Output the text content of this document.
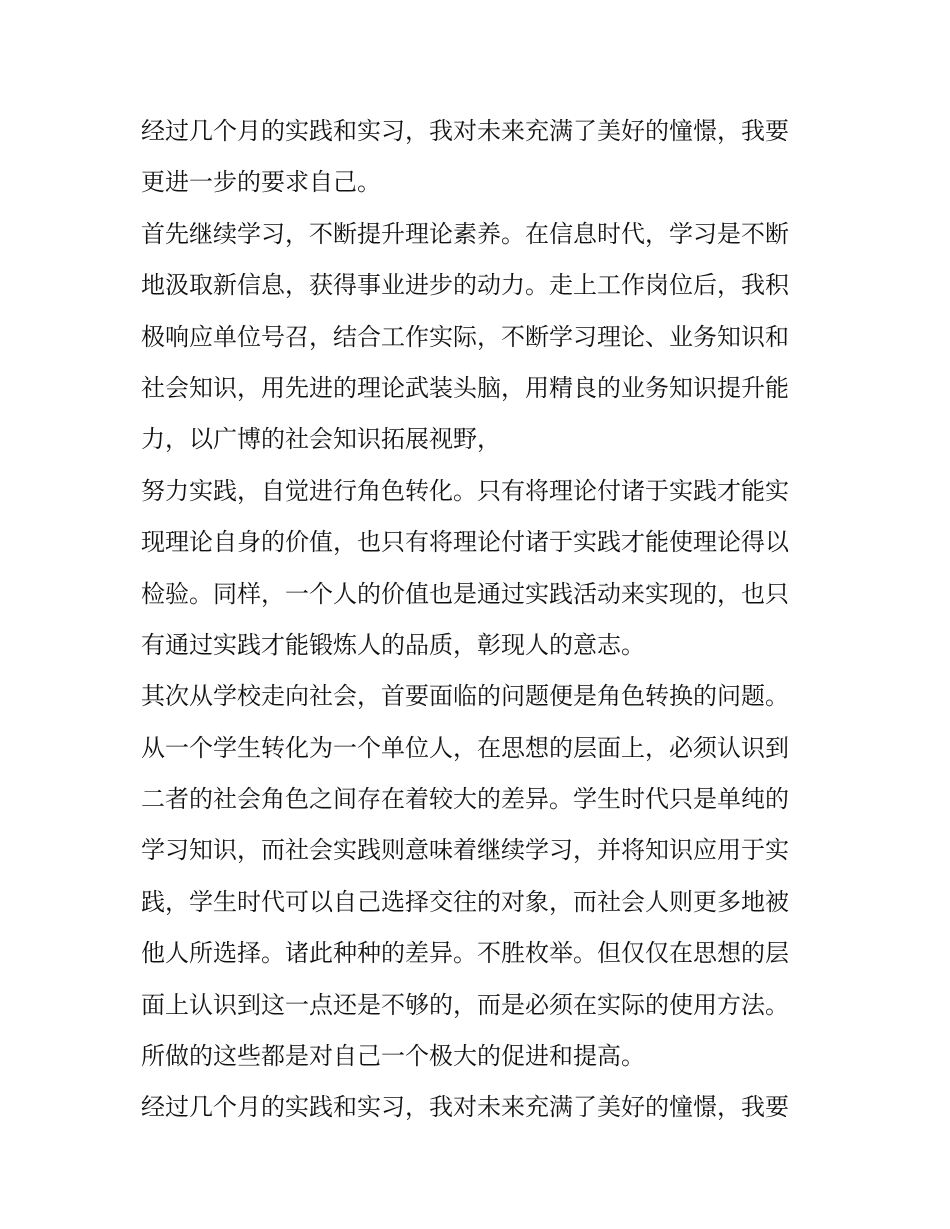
经过几个月的实践和实习，我对未来充满了美好的憧憬，我要
更进一步的要求自己。
首先继续学习，不断提升理论素养。在信息时代，学习是不断
地汲取新信息，获得事业进步的动力。走上工作岗位后，我积
极响应单位号召，结合工作实际，不断学习理论、业务知识和
社会知识，用先进的理论武装头脑，用精良的业务知识提升能
力，以广博的社会知识拓展视野，
努力实践，自觉进行角色转化。只有将理论付诸于实践才能实
现理论自身的价值，也只有将理论付诸于实践才能使理论得以
检验。同样，一个人的价值也是通过实践活动来实现的，也只
有通过实践才能锻炼人的品质，彰现人的意志。
其次从学校走向社会，首要面临的问题便是角色转换的问题。
从一个学生转化为一个单位人，在思想的层面上，必须认识到
二者的社会角色之间存在着较大的差异。学生时代只是单纯的
学习知识，而社会实践则意味着继续学习，并将知识应用于实
践，学生时代可以自己选择交往的对象，而社会人则更多地被
他人所选择。诸此种种的差异。不胜枚举。但仅仅在思想的层
面上认识到这一点还是不够的，而是必须在实际的使用方法。
所做的这些都是对自己一个极大的促进和提高。
经过几个月的实践和实习，我对未来充满了美好的憧憬，我要
